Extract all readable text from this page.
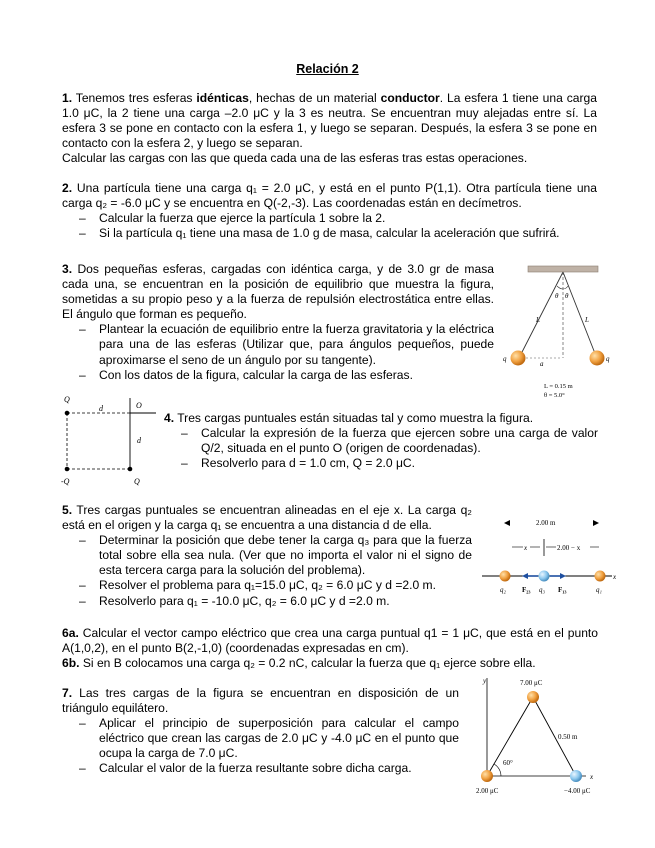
Relación 2
1. Tenemos tres esferas idénticas, hechas de un material conductor. La esfera 1 tiene una carga 1.0 μC, la 2 tiene una carga –2.0 μC y la 3 es neutra. Se encuentran muy alejadas entre sí. La esfera 3 se pone en contacto con la esfera 1, y luego se separan. Después, la esfera 3 se pone en contacto con la esfera 2, y luego se separan.
Calcular las cargas con las que queda cada una de las esferas tras estas operaciones.
2. Una partícula tiene una carga q₁ = 2.0 μC, y está en el punto P(1,1). Otra partícula tiene una carga q₂ = -6.0 μC y se encuentra en Q(-2,-3). Las coordenadas están en decímetros.
– Calcular la fuerza que ejerce la partícula 1 sobre la 2.
– Si la partícula q₁ tiene una masa de 1.0 g de masa, calcular la aceleración que sufrirá.
3. Dos pequeñas esferas, cargadas con idéntica carga, y de 3.0 gr de masa cada una, se encuentran en la posición de equilibrio que muestra la figura, sometidas a su propio peso y a la fuerza de repulsión electrostática entre ellas. El ángulo que forman es pequeño.
– Plantear la ecuación de equilibrio entre la fuerza gravitatoria y la eléctrica para una de las esferas (Utilizar que, para ángulos pequeños, puede aproximarse el seno de un ángulo por su tangente).
– Con los datos de la figura, calcular la carga de las esferas.
θ θ
L	L
a
q	q
L = 0.15 m
θ = 5.0°
Q
d	O
d
-Q	Q
4. Tres cargas puntuales están situadas tal y como muestra la figura.
– Calcular la expresión de la fuerza que ejercen sobre una carga de valor Q/2, situada en el punto O (origen de coordenadas).
– Resolverlo para d = 1.0 cm, Q = 2.0 μC.
5. Tres cargas puntuales se encuentran alineadas en el eje x. La carga q₂ está en el origen y la carga q₁ se encuentra a una distancia d de ella.
– Determinar la posición que debe tener la carga q₃ para que la fuerza total sobre ella sea nula. (Ver que no importa el valor ni el signo de esta tercera carga para la solución del problema).
– Resolver el problema para q₁=15.0 μC, q₂ = 6.0 μC y d =2.0 m.
– Resolverlo para q₁ = -10.0 μC, q₂ = 6.0 μC y d =2.0 m.
2.00 m
x	2.00 − x
x
q₂ F₂₃ q₃ F₁₃	q₁
6a. Calcular el vector campo eléctrico que crea una carga puntual q1 = 1 μC, que está en el punto A(1,0,2), en el punto B(2,-1,0) (coordenadas expresadas en cm).
6b. Si en B colocamos una carga q₂ = 0.2 nC, calcular la fuerza que q₁ ejerce sobre ella.
7. Las tres cargas de la figura se encuentran en disposición de un triángulo equilátero.
– Aplicar el principio de superposición para calcular el campo eléctrico que crean las cargas de 2.0 μC y -4.0 μC en el punto que ocupa la carga de 7.0 μC.
– Calcular el valor de la fuerza resultante sobre dicha carga.
y
x
60°
0.50 m
7.00 μC
2.00 μC	−4.00 μC
